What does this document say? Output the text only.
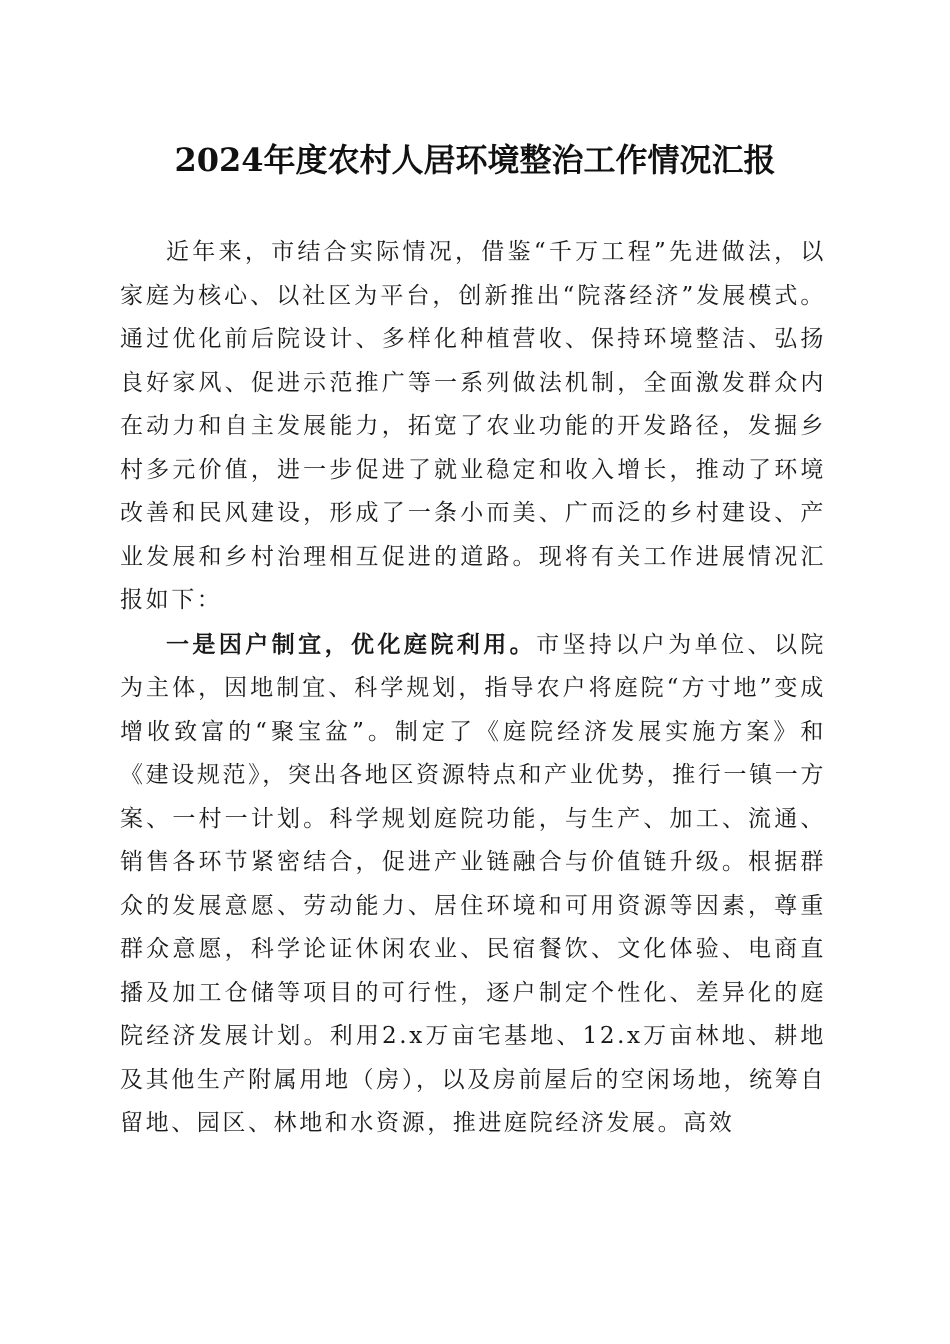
2024年度农村人居环境整治工作情况汇报

近年来，市结合实际情况，借鉴“千万工程”先进做法，以家庭为核心、以社区为平台，创新推出“院落经济”发展模式。通过优化前后院设计、多样化种植营收、保持环境整洁、弘扬良好家风、促进示范推广等一系列做法机制，全面激发群众内在动力和自主发展能力，拓宽了农业功能的开发路径，发掘乡村多元价值，进一步促进了就业稳定和收入增长，推动了环境改善和民风建设，形成了一条小而美、广而泛的乡村建设、产业发展和乡村治理相互促进的道路。现将有关工作进展情况汇报如下：

一是因户制宜，优化庭院利用。市坚持以户为单位、以院为主体，因地制宜、科学规划，指导农户将庭院“方寸地”变成增收致富的“聚宝盆”。制定了《庭院经济发展实施方案》和《建设规范》，突出各地区资源特点和产业优势，推行一镇一方案、一村一计划。科学规划庭院功能，与生产、加工、流通、销售各环节紧密结合，促进产业链融合与价值链升级。根据群众的发展意愿、劳动能力、居住环境和可用资源等因素，尊重群众意愿，科学论证休闲农业、民宿餐饮、文化体验、电商直播及加工仓储等项目的可行性，逐户制定个性化、差异化的庭院经济发展计划。利用2.x万亩宅基地、12.x万亩林地、耕地及其他生产附属用地（房），以及房前屋后的空闲场地，统筹自留地、园区、林地和水资源，推进庭院经济发展。高效
